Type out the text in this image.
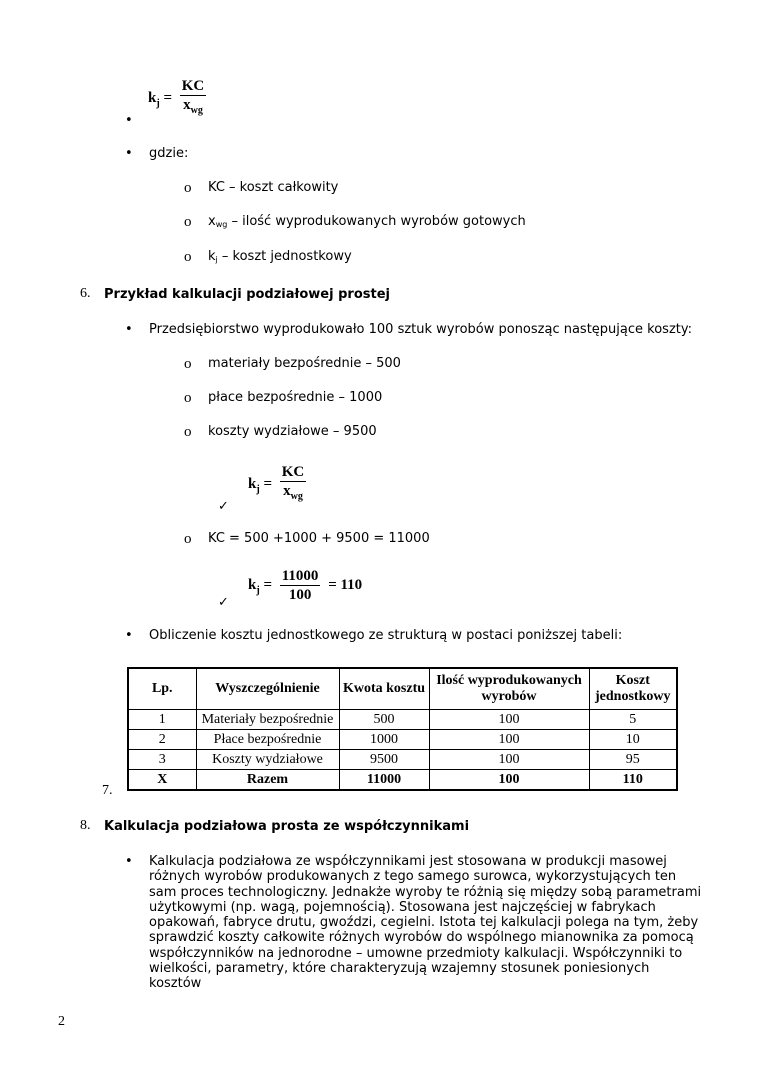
$k_j = \frac{KC}{x_{wg}}$
•
• gdzie:
o KC – koszt całkowity
o $x_{wg}$ – ilość wyprodukowanych wyrobów gotowych
o $k_j$ – koszt jednostkowy
6. Przykład kalkulacji podziałowej prostej
• Przedsiębiorstwo wyprodukowało 100 sztuk wyrobów ponosząc następujące koszty:
o materiały bezpośrednie – 500
o płace bezpośrednie – 1000
o koszty wydziałowe – 9500
✓
$k_j = \frac{KC}{x_{wg}}$
o KC = 500 +1000 + 9500 = 11000
✓
$k_j = \frac{11000}{100} = 110$
• Obliczenie kosztu jednostkowego ze strukturą w postaci poniższej tabeli:
7.
Lp.	Wyszczególnienie	Kwota kosztu	Ilość wyprodukowanych wyrobów	Koszt jednostkowy
1	Materiały bezpośrednie	500	100	5
2	Płace bezpośrednie	1000	100	10
3	Koszty wydziałowe	9500	100	95
X	Razem	11000	100	110
8. Kalkulacja podziałowa prosta ze współczynnikami
• Kalkulacja podziałowa ze współczynnikami jest stosowana w produkcji masowej różnych wyrobów produkowanych z tego samego surowca, wykorzystujących ten sam proces technologiczny. Jednakże wyroby te różnią się między sobą parametrami użytkowymi (np. wagą, pojemnością). Stosowana jest najczęściej w fabrykach opakowań, fabryce drutu, gwoździ, cegielni. Istota tej kalkulacji polega na tym, żeby sprawdzić koszty całkowite różnych wyrobów do wspólnego mianownika za pomocą współczynników na jednorodne – umowne przedmioty kalkulacji. Współczynniki to wielkości, parametry, które charakteryzują wzajemny stosunek poniesionych kosztów
2
